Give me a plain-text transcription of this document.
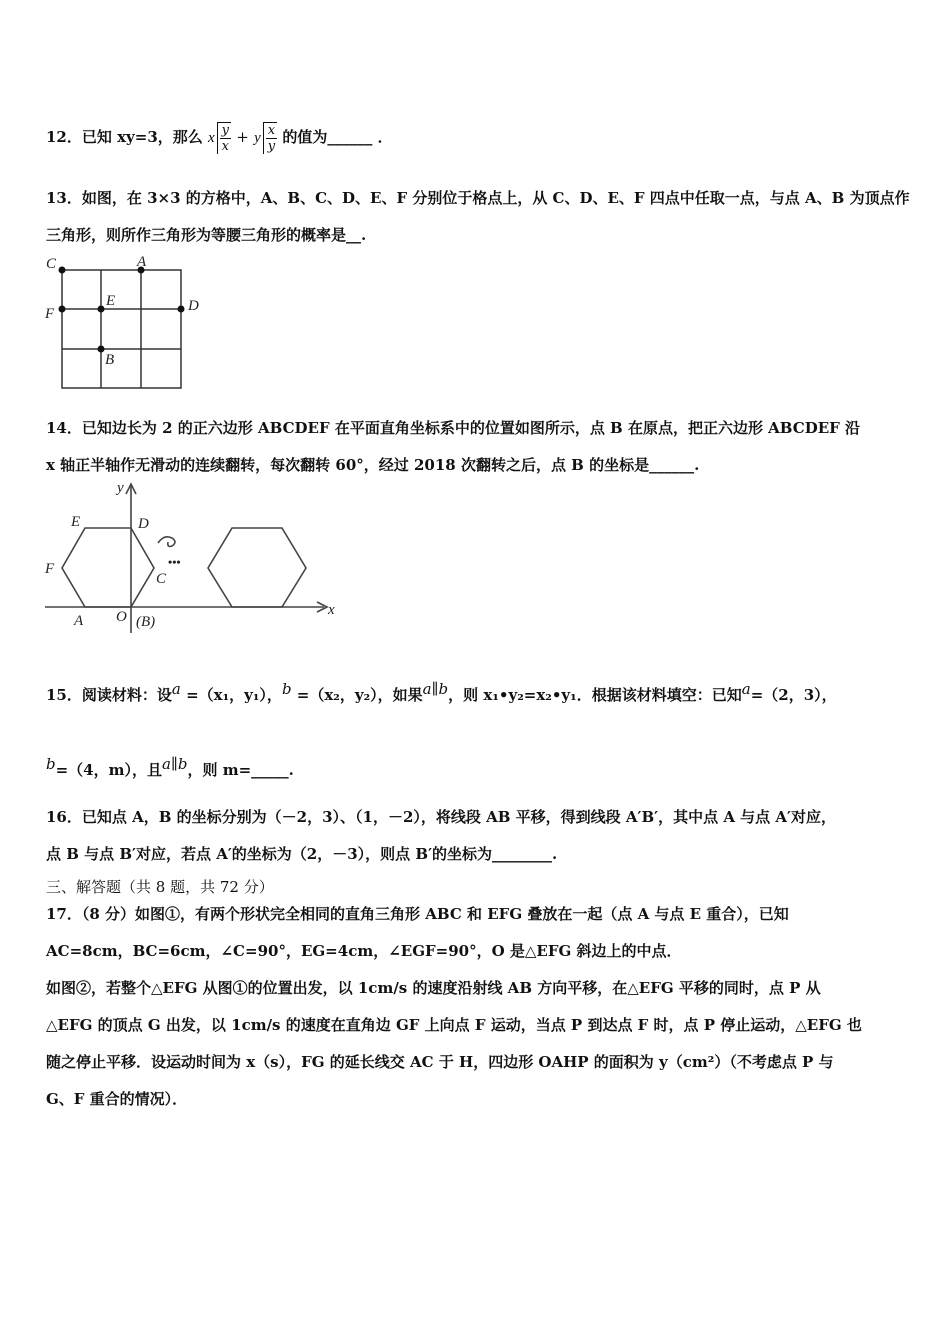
12．已知 xy=3，那么 x $\frac{y}{x} + y \frac{x}{y}$ 的值为______ ．
13．如图，在 3×3 的方格中，A、B、C、D、E、F 分别位于格点上，从 C、D、E、F 四点中任取一点，与点 A、B 为顶点作
三角形，则所作三角形为等腰三角形的概率是__.
C	A
F
E	D
B
14．已知边长为 2 的正六边形 ABCDEF 在平面直角坐标系中的位置如图所示，点 B 在原点，把正六边形 ABCDEF 沿
x 轴正半轴作无滑动的连续翻转，每次翻转 60°，经过 2018 次翻转之后，点 B 的坐标是______.
y
x
E	D
F
C
A O (B)
•••
15．阅读材料：设a =（x₁，y₁），b =（x₂，y₂），如果a∥b，则 x₁•y₂=x₂•y₁．根据该材料填空：已知a=（2，3），
b=（4，m），且a∥b，则 m=_____.
16．已知点 A，B 的坐标分别为（－2，3）、（1，－2），将线段 AB 平移，得到线段 A′B′，其中点 A 与点 A′对应，
点 B 与点 B′对应，若点 A′的坐标为（2，－3），则点 B′的坐标为________.
三、解答题（共 8 题，共 72 分）
17．（8 分）如图①，有两个形状完全相同的直角三角形 ABC 和 EFG 叠放在一起（点 A 与点 E 重合），已知
AC=8cm，BC=6cm，∠C=90°，EG=4cm，∠EGF=90°，O 是△EFG 斜边上的中点．
如图②，若整个△EFG 从图①的位置出发，以 1cm/s 的速度沿射线 AB 方向平移，在△EFG 平移的同时，点 P 从
△EFG 的顶点 G 出发，以 1cm/s 的速度在直角边 GF 上向点 F 运动，当点 P 到达点 F 时，点 P 停止运动，△EFG 也
随之停止平移．设运动时间为 x（s），FG 的延长线交 AC 于 H，四边形 OAHP 的面积为 y（cm²）（不考虑点 P 与
G、F 重合的情况）．
